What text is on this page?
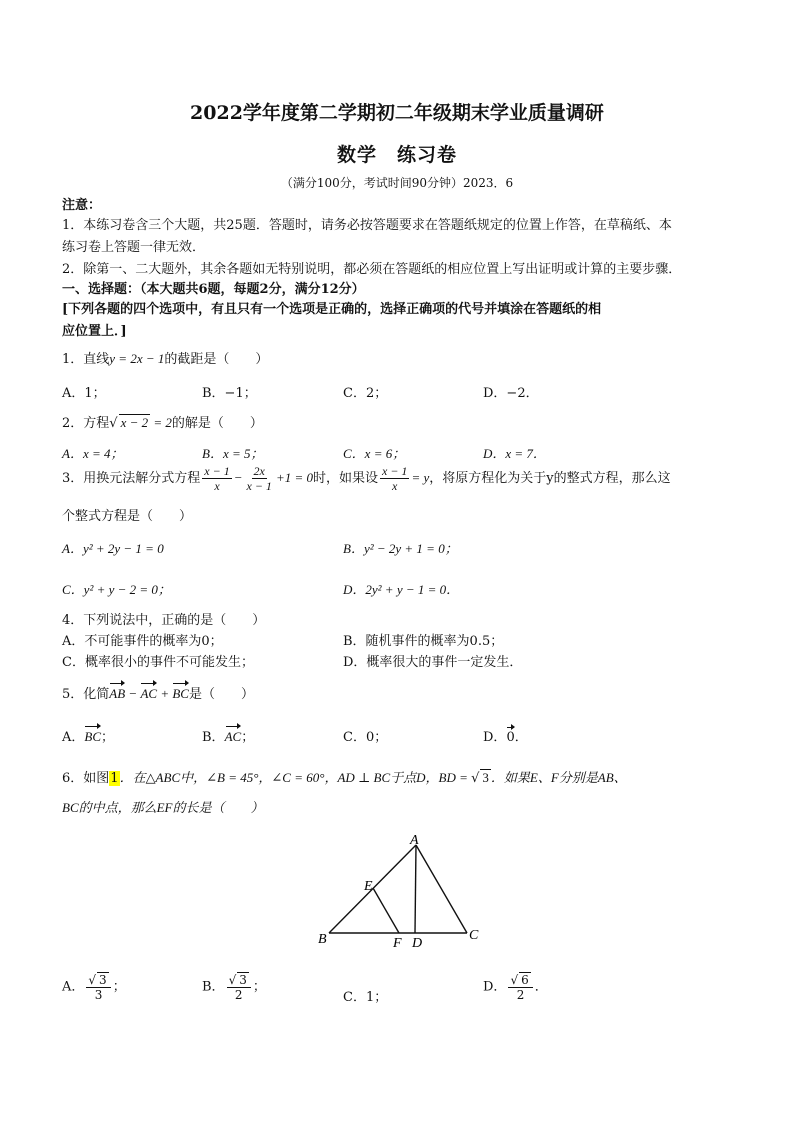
2022学年度第二学期初二年级期末学业质量调研
数学　练习卷
（满分100分，考试时间90分钟）2023．6
注意：
1．本练习卷含三个大题，共25题．答题时，请务必按答题要求在答题纸规定的位置上作答，在草稿纸、本
练习卷上答题一律无效．
2．除第一、二大题外，其余各题如无特别说明，都必须在答题纸的相应位置上写出证明或计算的主要步骤．
一、选择题：（本大题共6题，每题2分，满分12分）
[下列各题的四个选项中，有且只有一个选项是正确的，选择正确项的代号并填涂在答题纸的相
应位置上．]
1．直线y = 2x − 1的截距是（　　）
A．1；	B．−1；	C．2；	D．−2．
2．方程√ x − 2 = 2的解是（　　）
A．x = 4；	B．x = 5；	C．x = 6；	D．x = 7．
3．用换元法解分式方程 $\frac{x - 1}{x} - \frac{2x}{x - 1} +1 = 0$时，如果设 $\frac{x - 1}{x} = y$，将原方程化为关于y的整式方程，那么这
个整式方程是（　　）
A．y² + 2y − 1 = 0	B．y² − 2y + 1 = 0；
C．y² + y − 2 = 0；	D．2y² + y − 1 = 0．
4．下列说法中，正确的是（　　）
A．不可能事件的概率为0；	B．随机事件的概率为0.5；
C．概率很小的事件不可能发生；	D．概率很大的事件一定发生．
5．化简AB − AC + BC是（　　）
A．BC；	B．AC；	C．0；	D．0．
6．如图1．在△ABC中，∠B = 45°，∠C = 60°，AD ⊥ BC于点D，BD = √ 3 ．如果E、F分别是AB、
BC的中点，那么EF的长是（　　）
A
B	C
D
E
F
A． $\frac{√ 3}{3}$ ；	B． $\frac{√ 3}{2}$ ；
C．1；
D． $\frac{√ 6}{2}$ ．
